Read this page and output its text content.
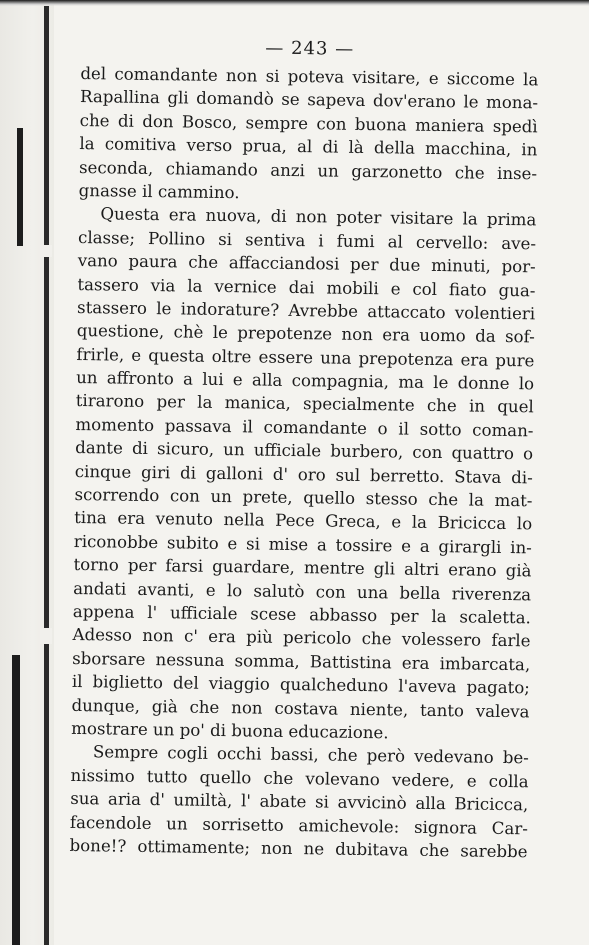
— 243 —
del comandante non si poteva visitare, e siccome la
Rapallina gli domandò se sapeva dov'erano le mona-
che di don Bosco, sempre con buona maniera spedì
la comitiva verso prua, al di là della macchina, in
seconda, chiamando anzi un garzonetto che inse-
gnasse il cammino.
Questa era nuova, di non poter visitare la prima
classe; Pollino si sentiva i fumi al cervello: ave-
vano paura che affacciandosi per due minuti, por-
tassero via la vernice dai mobili e col fiato gua-
stassero le indorature? Avrebbe attaccato volentieri
questione, chè le prepotenze non era uomo da sof-
frirle, e questa oltre essere una prepotenza era pure
un affronto a lui e alla compagnia, ma le donne lo
tirarono per la manica, specialmente che in quel
momento passava il comandante o il sotto coman-
dante di sicuro, un ufficiale burbero, con quattro o
cinque giri di galloni d' oro sul berretto. Stava di-
scorrendo con un prete, quello stesso che la mat-
tina era venuto nella Pece Greca, e la Bricicca lo
riconobbe subito e si mise a tossire e a girargli in-
torno per farsi guardare, mentre gli altri erano già
andati avanti, e lo salutò con una bella riverenza
appena l' ufficiale scese abbasso per la scaletta.
Adesso non c' era più pericolo che volessero farle
sborsare nessuna somma, Battistina era imbarcata,
il biglietto del viaggio qualcheduno l'aveva pagato;
dunque, già che non costava niente, tanto valeva
mostrare un po' di buona educazione.
Sempre cogli occhi bassi, che però vedevano be-
nissimo tutto quello che volevano vedere, e colla
sua aria d' umiltà, l' abate si avvicinò alla Bricicca,
facendole un sorrisetto amichevole: signora Car-
bone!? ottimamente; non ne dubitava che sarebbe
